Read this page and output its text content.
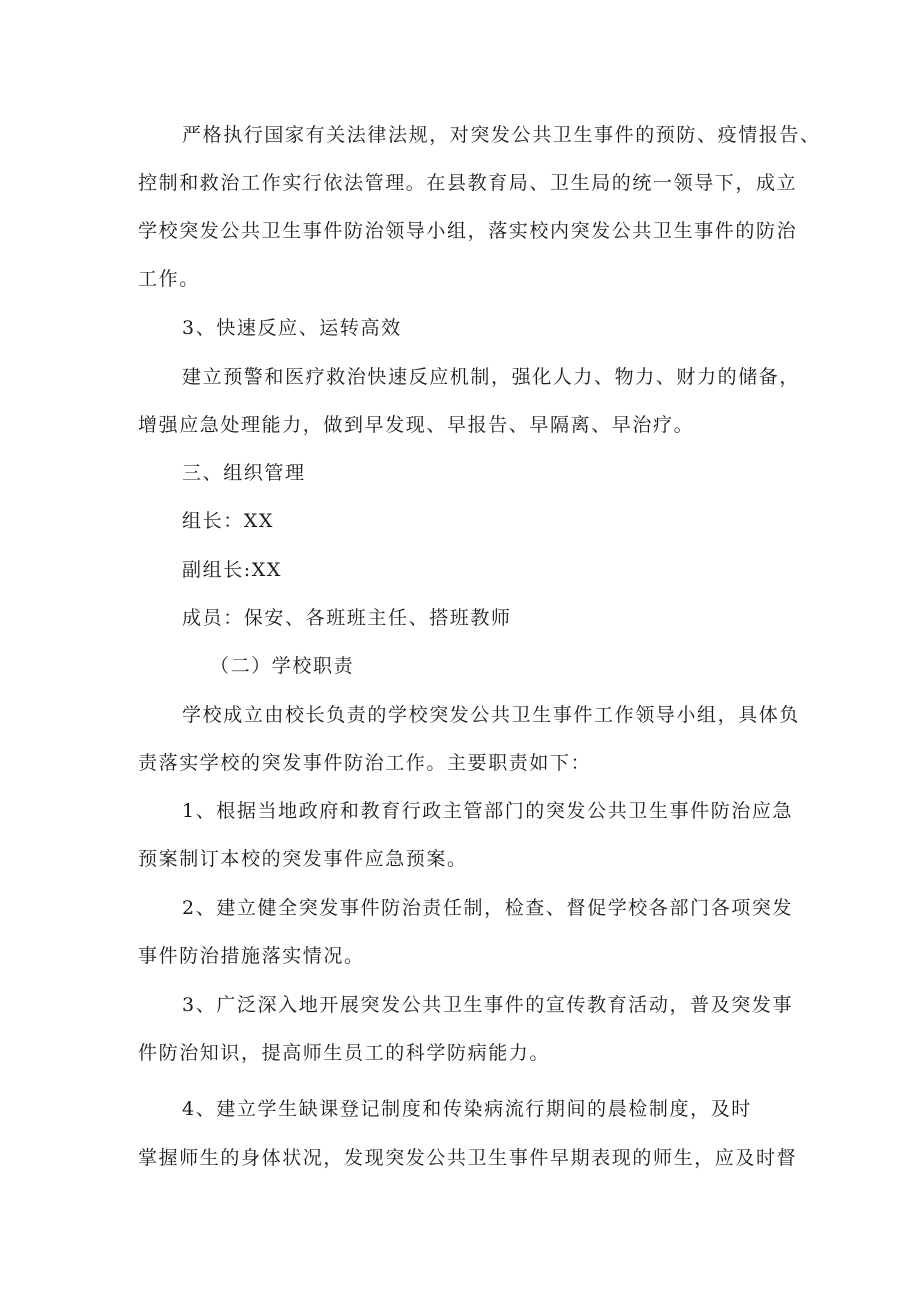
严格执行国家有关法律法规，对突发公共卫生事件的预防、疫情报告、
控制和救治工作实行依法管理。在县教育局、卫生局的统一领导下，成立
学校突发公共卫生事件防治领导小组，落实校内突发公共卫生事件的防治
工作。
3、快速反应、运转高效
建立预警和医疗救治快速反应机制，强化人力、物力、财力的储备，
增强应急处理能力，做到早发现、早报告、早隔离、早治疗。
三、组织管理
组长：XX
副组长:XX
成员：保安、各班班主任、搭班教师
（二）学校职责
学校成立由校长负责的学校突发公共卫生事件工作领导小组，具体负
责落实学校的突发事件防治工作。主要职责如下：
1、根据当地政府和教育行政主管部门的突发公共卫生事件防治应急
预案制订本校的突发事件应急预案。
2、建立健全突发事件防治责任制，检查、督促学校各部门各项突发
事件防治措施落实情况。
3、广泛深入地开展突发公共卫生事件的宣传教育活动，普及突发事
件防治知识，提高师生员工的科学防病能力。
4、建立学生缺课登记制度和传染病流行期间的晨检制度，及时
掌握师生的身体状况，发现突发公共卫生事件早期表现的师生，应及时督
